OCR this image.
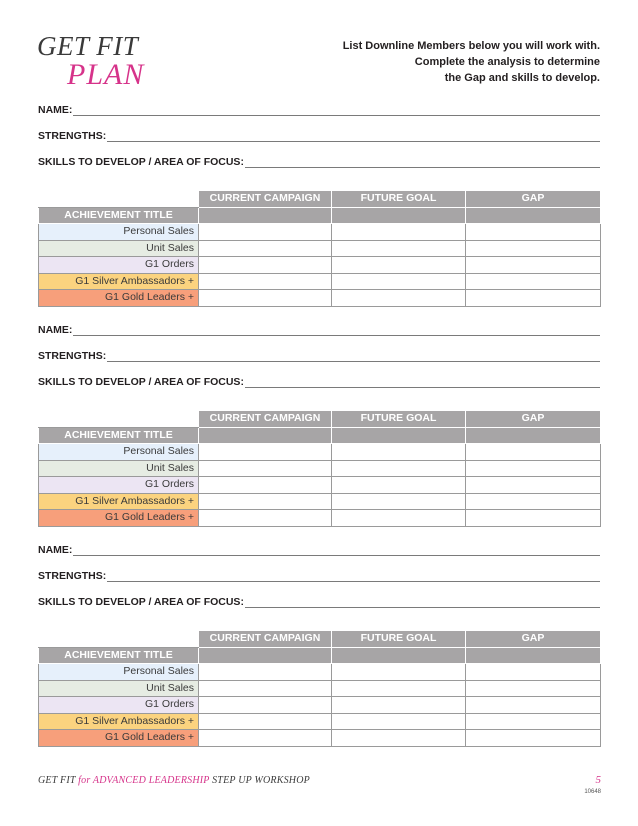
GET FIT
PLAN
List Downline Members below you will work with.
Complete the analysis to determine
the Gap and skills to develop.
NAME:
STRENGTHS:
SKILLS TO DEVELOP / AREA OF FOCUS:
	CURRENT CAMPAIGN	FUTURE GOAL	GAP
ACHIEVEMENT TITLE			
Personal Sales			
Unit Sales			
G1 Orders			
G1 Silver Ambassadors +			
G1 Gold Leaders +			
NAME:
STRENGTHS:
SKILLS TO DEVELOP / AREA OF FOCUS:
	CURRENT CAMPAIGN	FUTURE GOAL	GAP
ACHIEVEMENT TITLE			
Personal Sales			
Unit Sales			
G1 Orders			
G1 Silver Ambassadors +			
G1 Gold Leaders +			
NAME:
STRENGTHS:
SKILLS TO DEVELOP / AREA OF FOCUS:
	CURRENT CAMPAIGN	FUTURE GOAL	GAP
ACHIEVEMENT TITLE			
Personal Sales			
Unit Sales			
G1 Orders			
G1 Silver Ambassadors +			
G1 Gold Leaders +			
GET FIT for ADVANCED LEADERSHIP STEP UP WORKSHOP	5
10648
